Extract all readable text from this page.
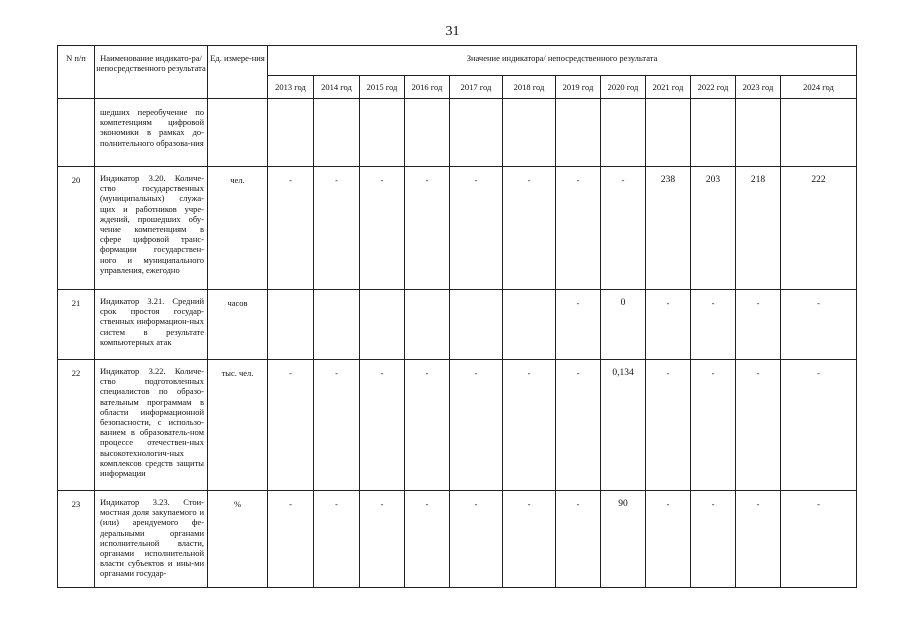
31
N п/п	Наименование индикато-ра/непосредственного результата	Ед. измере-ния	Значение индикатора/ непосредственного результата											
			2013 год	2014 год	2015 год	2016 год	2017 год	2018 год	2019 год	2020 год	2021 год	2022 год	2023 год	2024 год
	шедших переобучение по компетенциям цифровой экономики в рамках до-полнительного образова-ния													
20	Индикатор 3.20. Количе-ство государственных (муниципальных) служа-щих и работников учре-ждений, прошедших обу-чение компетенциям в сфере цифровой транс-формации государствен-ного и муниципального управления, ежегодно	чел.	-	-	-	-	-	-	-	-	238	203	218	222
21	Индикатор 3.21. Средний срок простоя государ-ственных информацион-ных систем в результате компьютерных атак	часов							-	0	-	-	-	-
22	Индикатор 3.22. Количе-ство подготовленных специалистов по образо-вательным программам в области информационной безопасности, с использо-ванием в образователь-ном процессе отечествен-ных высокотехнологич-ных комплексов средств защиты информации	тыс. чел.	-	-	-	-	-	-	-	0,134	-	-	-	-
23	Индикатор 3.23. Стои-мостная доля закупаемого и (или) арендуемого фе-деральными органами исполнительной власти, органами исполнительной власти субъектов и ины-ми органами государ-	%	-	-	-	-	-	-	-	90	-	-	-	-
